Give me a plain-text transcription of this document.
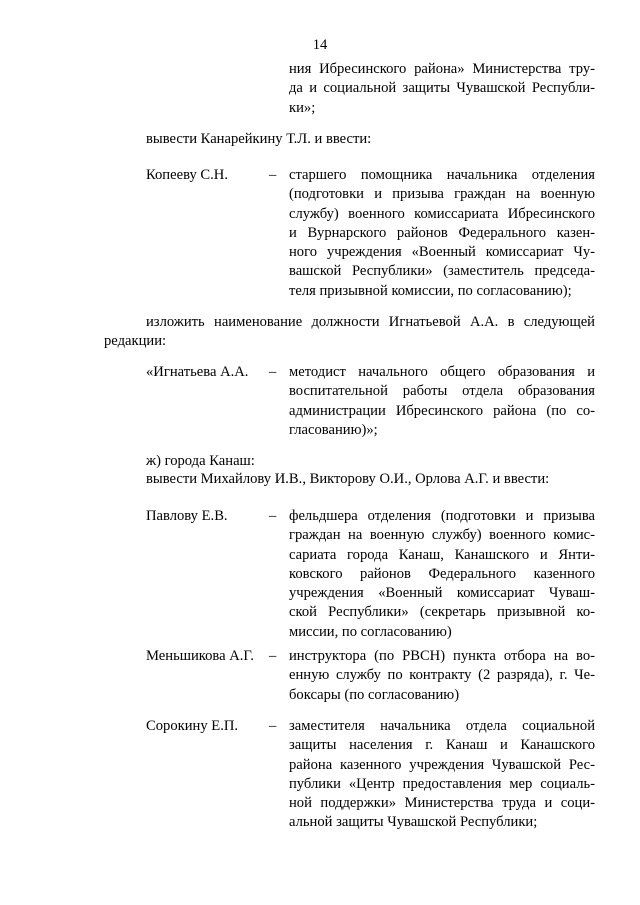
14
ния Ибресинского района» Министерства тру-
да и социальной защиты Чувашской Республи-
ки»;
вывести Канарейкину Т.Л. и ввести:
Копееву С.Н.	– старшего помощника начальника отделения
(подготовки и призыва граждан на военную
службу) военного комиссариата Ибресинского
и Вурнарского районов Федерального казен-
ного учреждения «Военный комиссариат Чу-
вашской Республики» (заместитель председа-
теля призывной комиссии, по согласованию);
изложить наименование должности Игнатьевой А.А. в следующей
редакции:
«Игнатьева А.А. – методист начального общего образования и
воспитательной работы отдела образования
администрации Ибресинского района (по со-
гласованию)»;
ж) города Канаш:
вывести Михайлову И.В., Викторову О.И., Орлова А.Г. и ввести:
Павлову Е.В.	– фельдшера отделения (подготовки и призыва
граждан на военную службу) военного комис-
сариата города Канаш, Канашского и Янти-
ковского районов Федерального казенного
учреждения «Военный комиссариат Чуваш-
ской Республики» (секретарь призывной ко-
миссии, по согласованию)
Меньшикова А.Г. – инструктора (по РВСН) пункта отбора на во-
енную службу по контракту (2 разряда), г. Че-
боксары (по согласованию)
Сорокину Е.П. – заместителя начальника отдела социальной
защиты населения г. Канаш и Канашского
района казенного учреждения Чувашской Рес-
публики «Центр предоставления мер социаль-
ной поддержки» Министерства труда и соци-
альной защиты Чувашской Республики;
